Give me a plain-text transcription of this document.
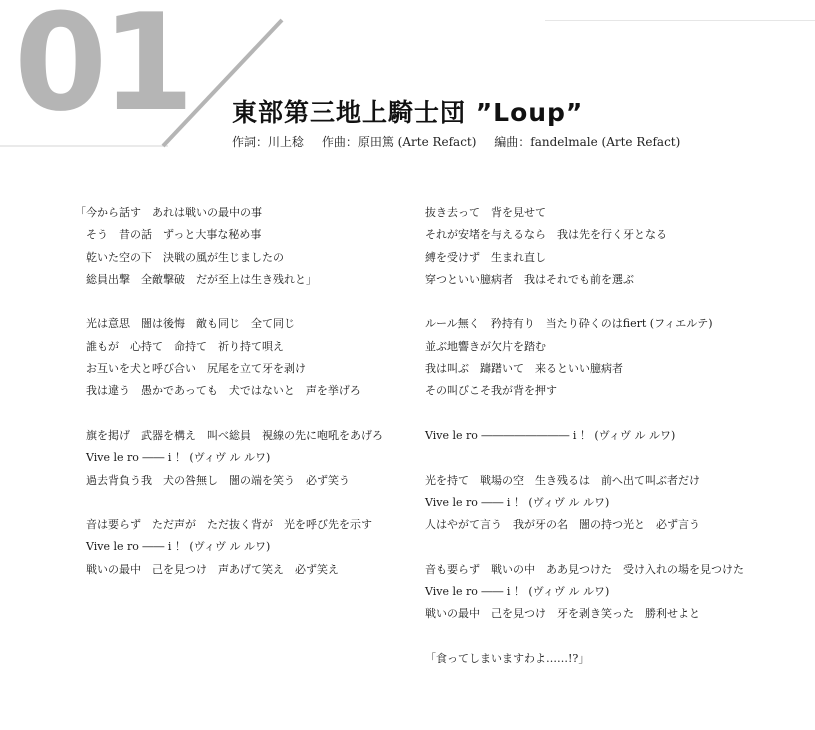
01 東部第三地上騎士団 ”Loup”
作詞：川上稔 作曲：原田篤 (Arte Refact) 編曲：fandelmale (Arte Refact)
「今から話す　あれは戦いの最中の事
　そう　昔の話　ずっと大事な秘め事
　乾いた空の下　決戦の風が生じましたの
　総員出撃　全敵撃破　だが至上は生き残れと」
　光は意思　闇は後悔　敵も同じ　全て同じ
　誰もが　心持て　命持て　祈り持て唄え
　お互いを犬と呼び合い　尻尾を立て牙を剥け
　我は違う　愚かであっても　犬ではないと　声を挙げろ
　旗を掲げ　武器を構え　叫べ総員　視線の先に咆吼をあげろ
　Vive le ro ―― i ！ (ヴィヴ ル ルワ)
　過去背負う我　犬の咎無し　闇の端を笑う　必ず笑う
　音は要らず　ただ声が　ただ抜く背が　光を呼び先を示す
　Vive le ro ―― i ！ (ヴィヴ ル ルワ)
　戦いの最中　己を見つけ　声あげて笑え　必ず笑え
抜き去って　背を見せて
それが安堵を与えるなら　我は先を行く牙となる
縛を受けず　生まれ直し
穿つといい臆病者　我はそれでも前を選ぶ
ルール無く　矜持有り　当たり砕くのはfiert (フィエルテ)
並ぶ地響きが欠片を踏む
我は叫ぶ　躊躇いて　来るといい臆病者
その叫びこそ我が背を押す
Vive le ro ―――――――― i ！ (ヴィヴ ル ルワ)
光を持て　戦場の空　生き残るは　前へ出て叫ぶ者だけ
Vive le ro ―― i ！ (ヴィヴ ル ルワ)
人はやがて言う　我が牙の名　闇の持つ光と　必ず言う
音も要らず　戦いの中　ああ見つけた　受け入れの場を見つけた
Vive le ro ―― i ！ (ヴィヴ ル ルワ)
戦いの最中　己を見つけ　牙を剥き笑った　勝利せよと
「食ってしまいますわよ……!?」
